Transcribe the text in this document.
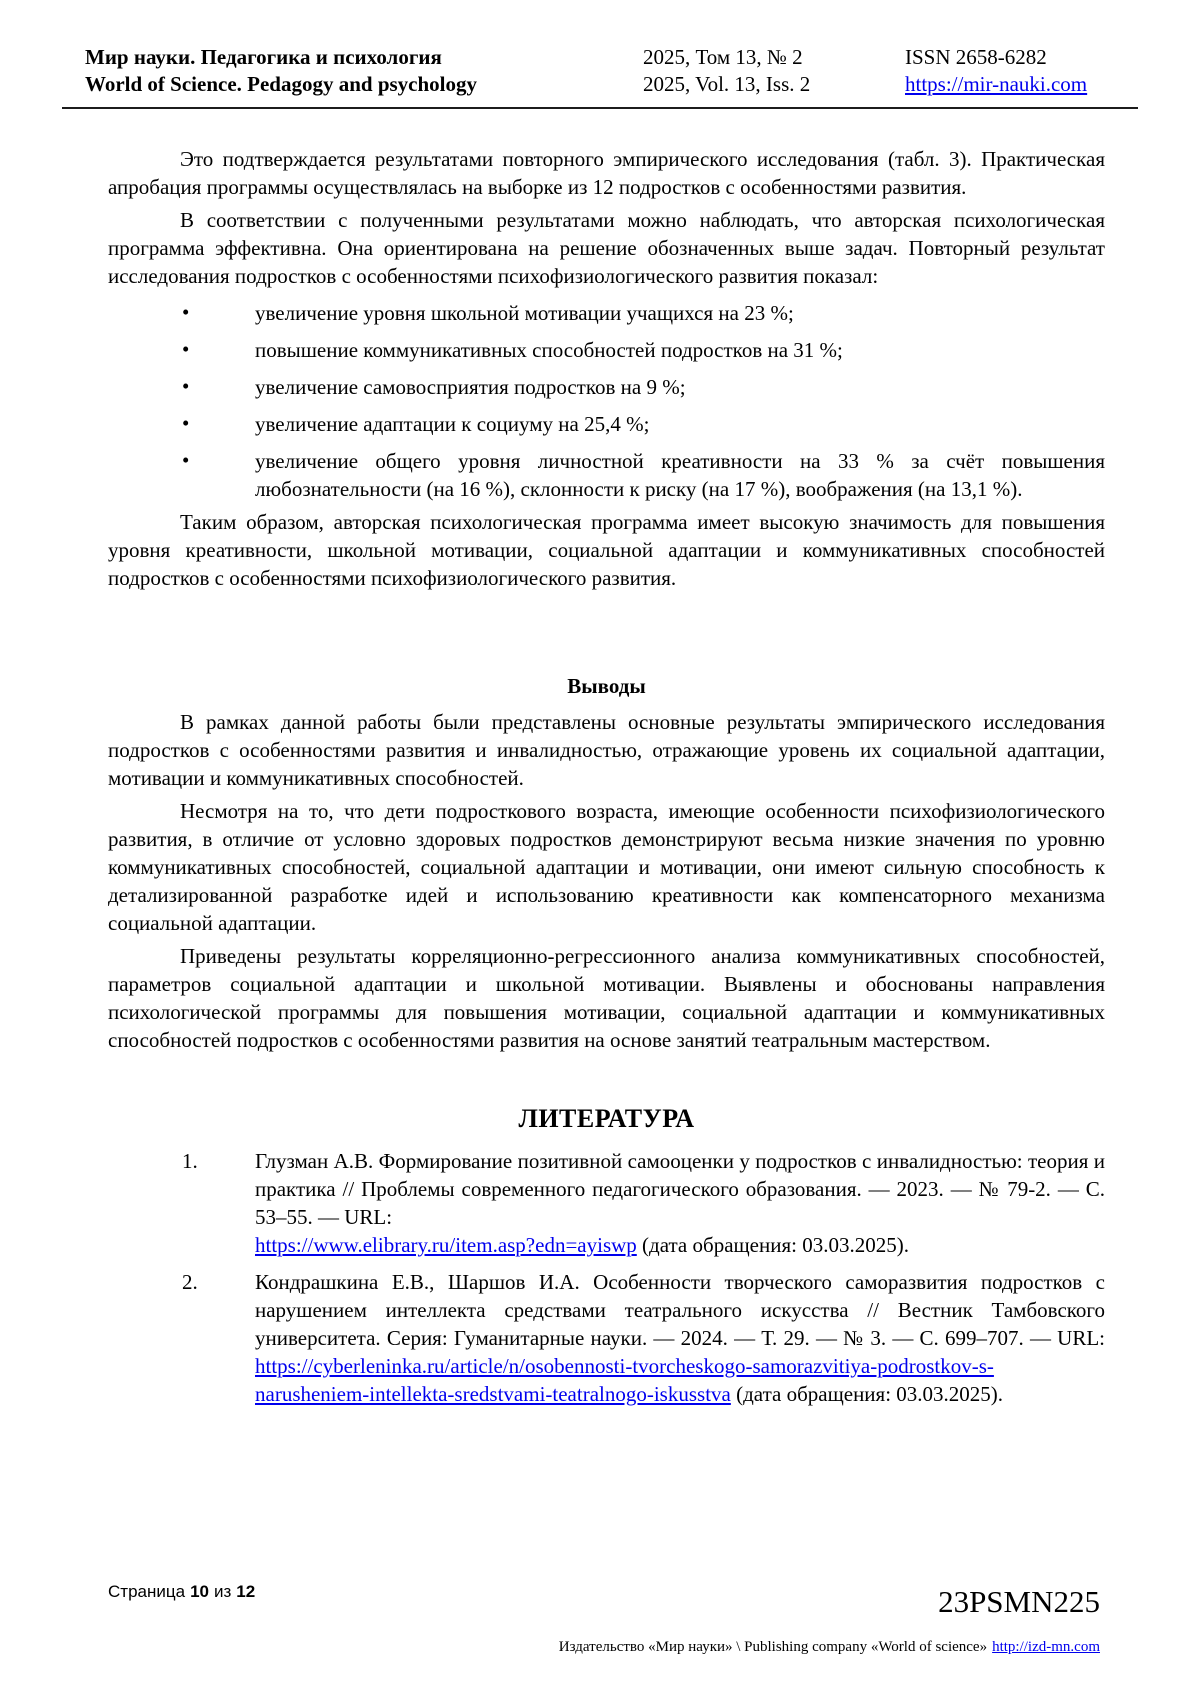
Мир науки. Педагогика и психология
World of Science. Pedagogy and psychology
2025, Том 13, № 2
2025, Vol. 13, Iss. 2
ISSN 2658-6282
https://mir-nauki.com

Это подтверждается результатами повторного эмпирического исследования (табл. 3). Практическая апробация программы осуществлялась на выборке из 12 подростков с особенностями развития.

В соответствии с полученными результатами можно наблюдать, что авторская психологическая программа эффективна. Она ориентирована на решение обозначенных выше задач. Повторный результат исследования подростков с особенностями психофизиологического развития показал:

•	увеличение уровня школьной мотивации учащихся на 23 %;
•	повышение коммуникативных способностей подростков на 31 %;
•	увеличение самовосприятия подростков на 9 %;
•	увеличение адаптации к социуму на 25,4 %;
•	увеличение общего уровня личностной креативности на 33 % за счёт повышения любознательности (на 16 %), склонности к риску (на 17 %), воображения (на 13,1 %).

Таким образом, авторская психологическая программа имеет высокую значимость для повышения уровня креативности, школьной мотивации, социальной адаптации и коммуникативных способностей подростков с особенностями психофизиологического развития.

Выводы

В рамках данной работы были представлены основные результаты эмпирического исследования подростков с особенностями развития и инвалидностью, отражающие уровень их социальной адаптации, мотивации и коммуникативных способностей.

Несмотря на то, что дети подросткового возраста, имеющие особенности психофизиологического развития, в отличие от условно здоровых подростков демонстрируют весьма низкие значения по уровню коммуникативных способностей, социальной адаптации и мотивации, они имеют сильную способность к детализированной разработке идей и использованию креативности как компенсаторного механизма социальной адаптации.

Приведены результаты корреляционно-регрессионного анализа коммуникативных способностей, параметров социальной адаптации и школьной мотивации. Выявлены и обоснованы направления психологической программы для повышения мотивации, социальной адаптации и коммуникативных способностей подростков с особенностями развития на основе занятий театральным мастерством.

ЛИТЕРАТУРА
1.	Глузман А.В. Формирование позитивной самооценки у подростков с инвалидностью: теория и практика // Проблемы современного педагогического образования. — 2023. — № 79-2. — С. 53–55. — URL:
https://www.elibrary.ru/item.asp?edn=ayiswp (дата обращения: 03.03.2025).
2.	Кондрашкина Е.В., Шаршов И.А. Особенности творческого саморазвития подростков с нарушением интеллекта средствами театрального искусства // Вестник Тамбовского университета. Серия: Гуманитарные науки. — 2024. — Т. 29. — № 3. — С. 699–707. — URL: https://cyberleninka.ru/article/n/osobennosti-tvorcheskogo-samorazvitiya-podrostkov-s-narusheniem-intellekta-sredstvami-teatralnogo-iskusstva (дата обращения: 03.03.2025).
Страница 10 из 12	23PSMN225
Издательство «Мир науки» \ Publishing company «World of science» http://izd-mn.com
